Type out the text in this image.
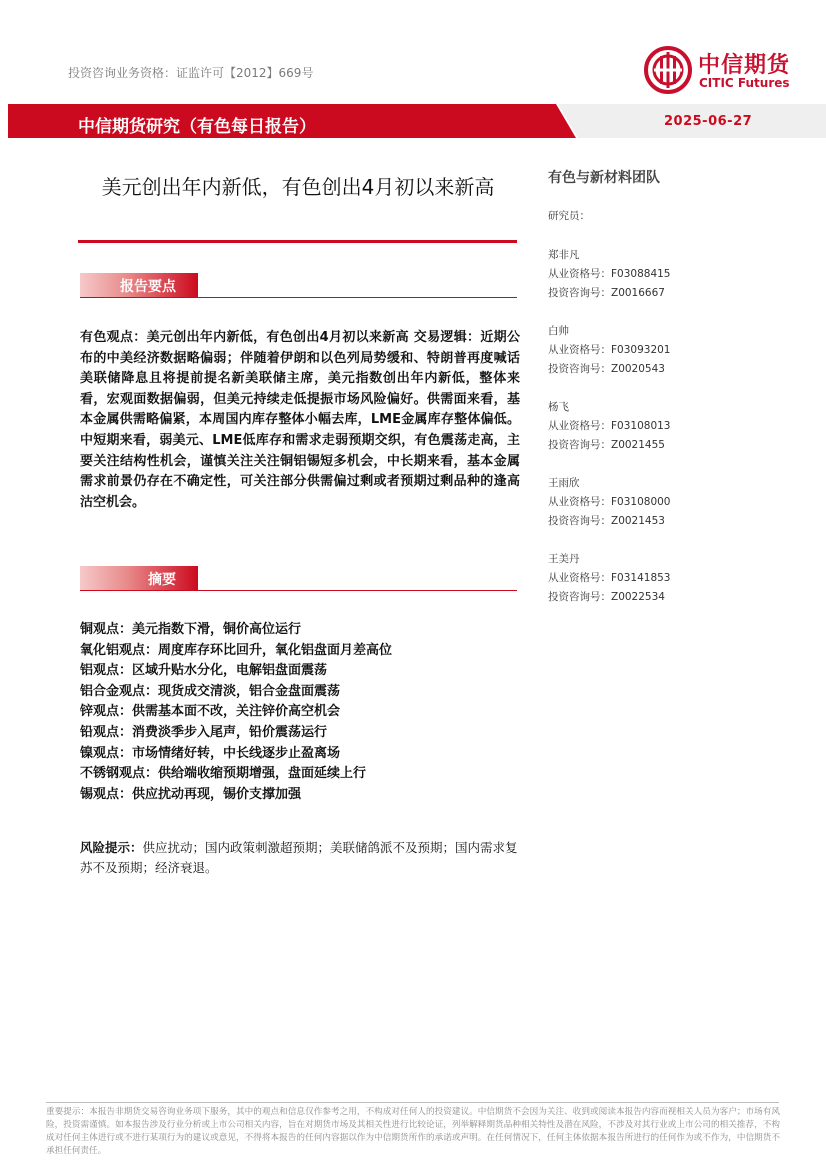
投资咨询业务资格：证监许可【2012】669号	中信期货
CITIC Futures
中信期货研究（有色每日报告）	2025-06-27
美元创出年内新低，有色创出4月初以来新高
报告要点
有色观点：美元创出年内新低，有色创出4月初以来新高 交易逻辑：近期公布的中美经济数据略偏弱；伴随着伊朗和以色列局势缓和、特朗普再度喊话美联储降息且将提前提名新美联储主席，美元指数创出年内新低，整体来看，宏观面数据偏弱，但美元持续走低提振市场风险偏好。供需面来看，基本金属供需略偏紧，本周国内库存整体小幅去库，LME金属库存整体偏低。中短期来看，弱美元、LME低库存和需求走弱预期交织，有色震荡走高，主要关注结构性机会，谨慎关注关注铜铝锡短多机会，中长期来看，基本金属需求前景仍存在不确定性，可关注部分供需偏过剩或者预期过剩品种的逢高沽空机会。
摘要
铜观点：美元指数下滑，铜价高位运行
氧化铝观点：周度库存环比回升，氧化铝盘面月差高位
铝观点：区域升贴水分化，电解铝盘面震荡
铝合金观点：现货成交清淡，铝合金盘面震荡
锌观点：供需基本面不改，关注锌价高空机会
铅观点：消费淡季步入尾声，铅价震荡运行
镍观点：市场情绪好转，中长线逐步止盈离场
不锈钢观点：供给端收缩预期增强，盘面延续上行
锡观点：供应扰动再现，锡价支撑加强
风险提示：供应扰动；国内政策刺激超预期；美联储鸽派不及预期；国内需求复苏不及预期；经济衰退。
有色与新材料团队
研究员：
郑非凡
从业资格号：F03088415
投资咨询号：Z0016667
白帅
从业资格号：F03093201
投资咨询号：Z0020543
杨飞
从业资格号：F03108013
投资咨询号：Z0021455
王雨欣
从业资格号：F03108000
投资咨询号：Z0021453
王美丹
从业资格号：F03141853
投资咨询号：Z0022534
重要提示：本报告非期货交易咨询业务项下服务，其中的观点和信息仅作参考之用，不构成对任何人的投资建议。中信期货不会因为关注、收到或阅读本报告内容而视相关人员为客户；市场有风险，投资需谨慎。如本报告涉及行业分析或上市公司相关内容，旨在对期货市场及其相关性进行比较论证，列举解释期货品种相关特性及潜在风险，不涉及对其行业或上市公司的相关推荐，不构成对任何主体进行或不进行某项行为的建议或意见，不得将本报告的任何内容据以作为中信期货所作的承诺或声明。在任何情况下，任何主体依据本报告所进行的任何作为或不作为，中信期货不承担任何责任。
